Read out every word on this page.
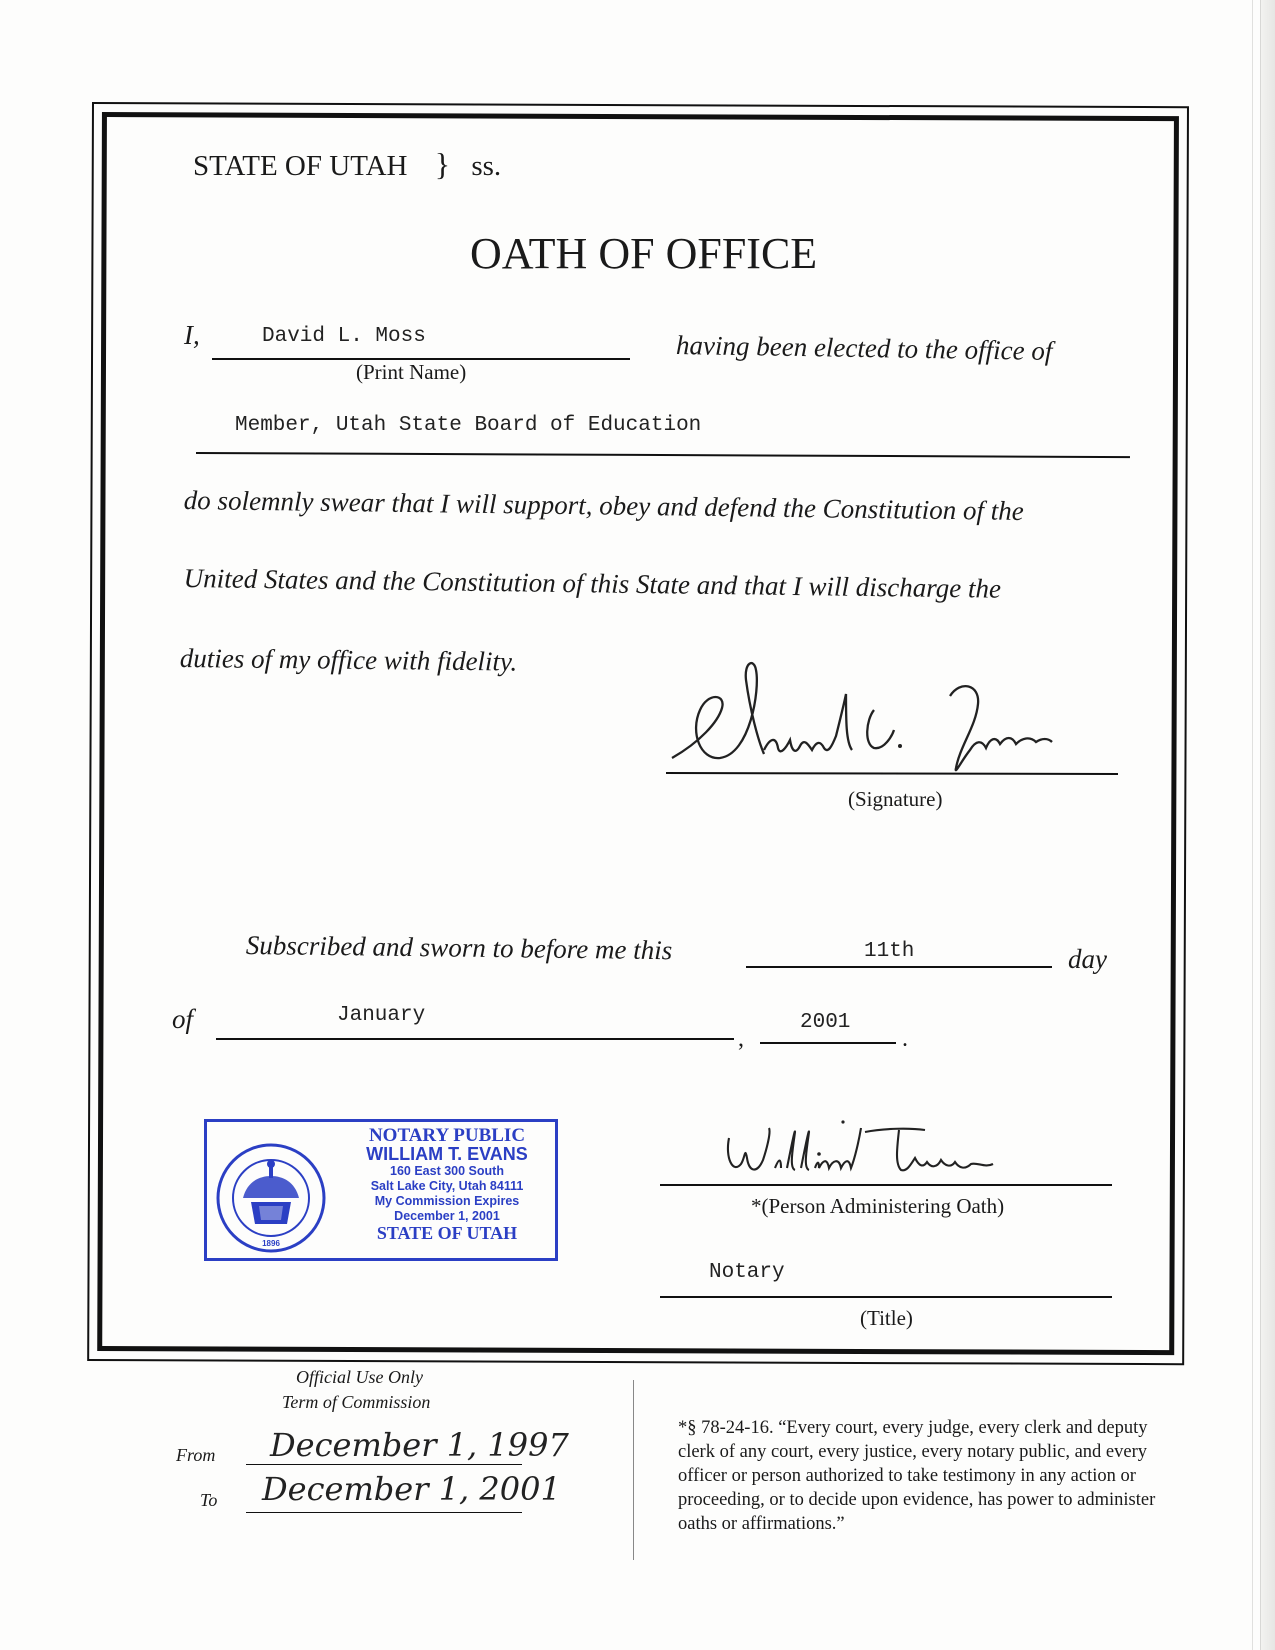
STATE OF UTAH } ss.
OATH OF OFFICE
I,	David L. Moss
(Print Name)
having been elected to the office of
Member, Utah State Board of Education
do solemnly swear that I will support, obey and defend the Constitution of the
United States and the Constitution of this State and that I will discharge the
duties of my office with fidelity.
(Signature)
Subscribed and sworn to before me this	11th	day
of	January
,
2001
.
1896
NOTARY PUBLIC
WILLIAM T. EVANS
160 East 300 South
Salt Lake City, Utah 84111
My Commission Expires
December 1, 2001
STATE OF UTAH
*(Person Administering Oath)
Notary
(Title)
Official Use Only
Term of Commission
From December 1, 1997
To December 1, 2001
*§ 78-24-16. “Every court, every judge, every clerk and deputy clerk of any court, every justice, every notary public, and every officer or person authorized to take testimony in any action or proceeding, or to decide upon evidence, has power to administer oaths or affirmations.”
